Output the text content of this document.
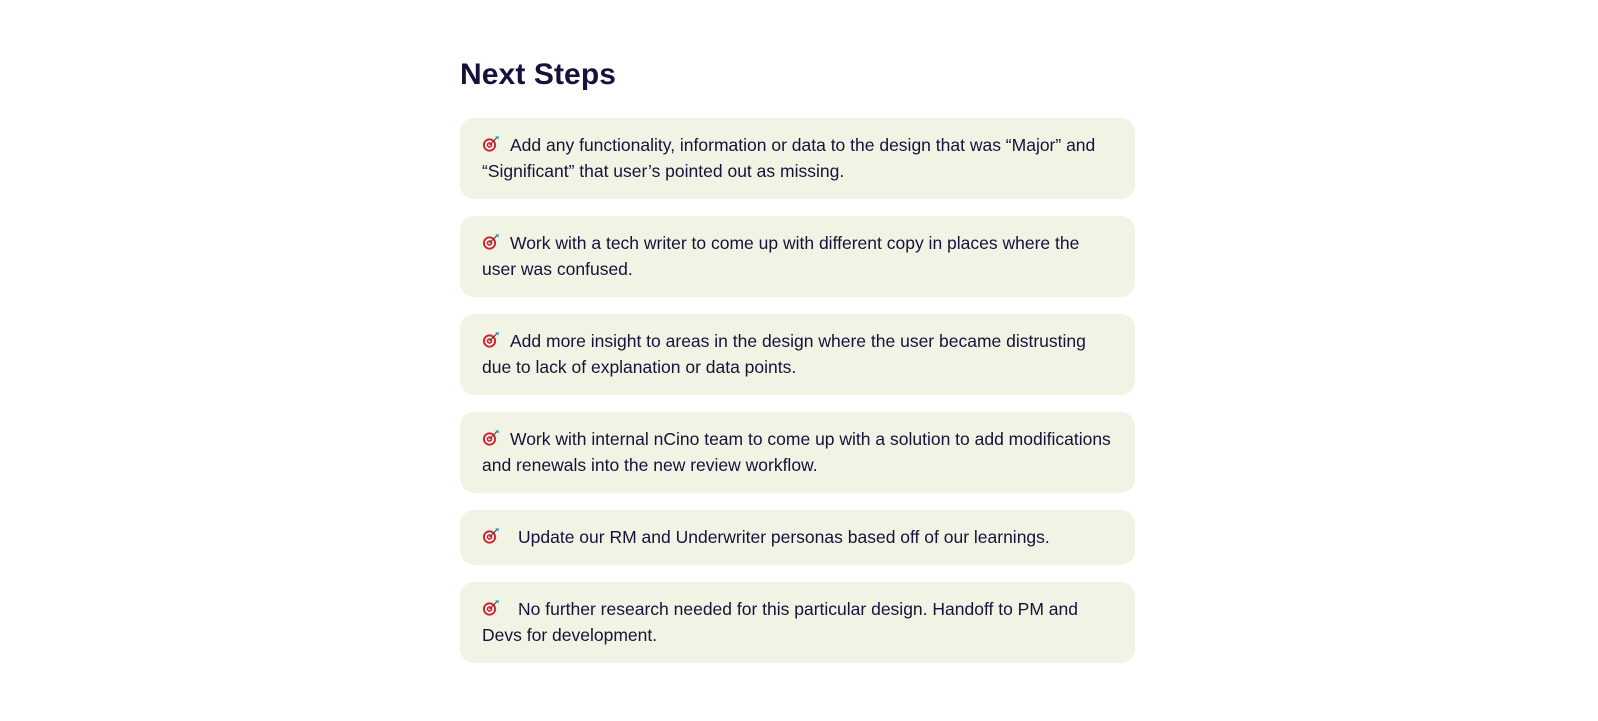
Next Steps
Add any functionality, information or data to the design that was “Major” and “Significant” that user’s pointed out as missing.
Work with a tech writer to come up with different copy in places where the user was confused.
Add more insight to areas in the design where the user became distrusting due to lack of explanation or data points.
Work with internal nCino team to come up with a solution to add modifications and renewals into the new review workflow.
Update our RM and Underwriter personas based off of our learnings.
No further research needed for this particular design. Handoff to PM and Devs for development.
